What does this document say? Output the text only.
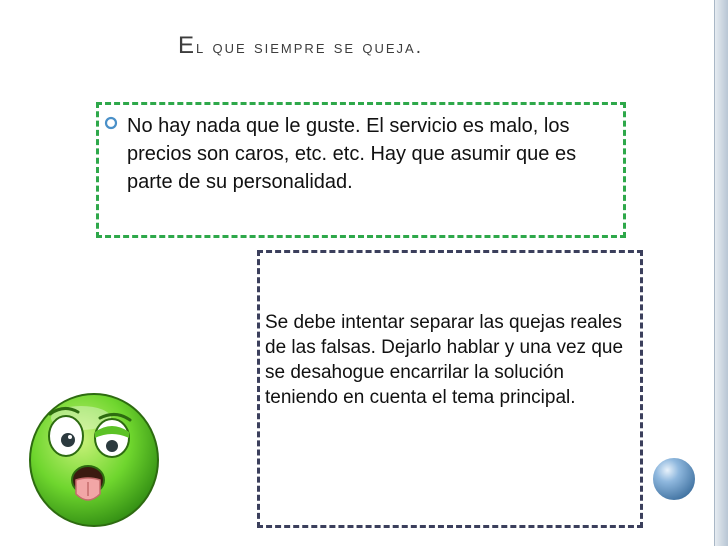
El que siempre se queja.

No hay nada que le guste. El servicio es malo, los precios son caros, etc. etc. Hay que asumir que es parte de su personalidad.

Se debe intentar separar las quejas reales de las falsas. Dejarlo hablar y una vez que se desahogue encarrilar la solución teniendo en cuenta el tema principal.
